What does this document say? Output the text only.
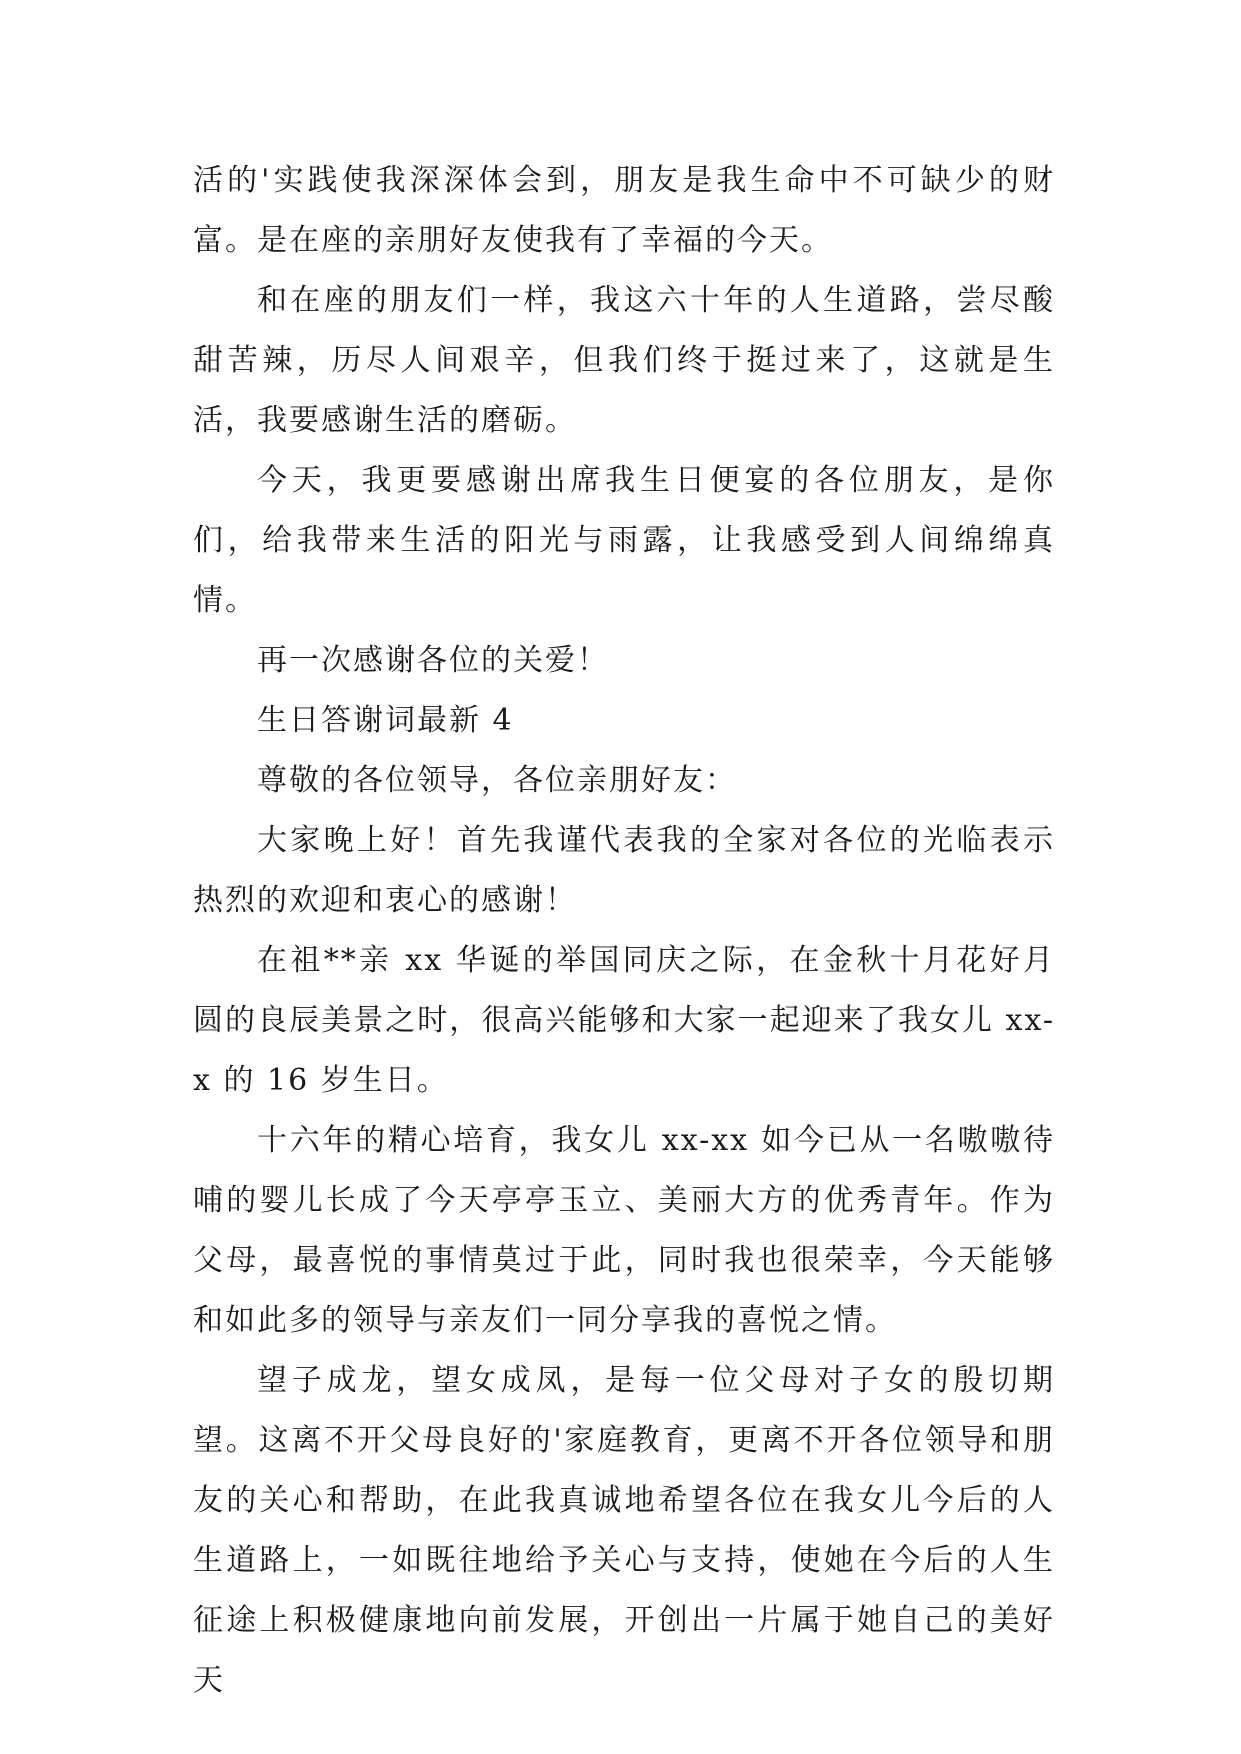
活的'实践使我深深体会到，朋友是我生命中不可缺少的财富。是在座的亲朋好友使我有了幸福的今天。

和在座的朋友们一样，我这六十年的人生道路，尝尽酸甜苦辣，历尽人间艰辛，但我们终于挺过来了，这就是生活，我要感谢生活的磨砺。

今天，我更要感谢出席我生日便宴的各位朋友，是你们，给我带来生活的阳光与雨露，让我感受到人间绵绵真情。

再一次感谢各位的关爱！

生日答谢词最新 4

尊敬的各位领导，各位亲朋好友：

大家晚上好！首先我谨代表我的全家对各位的光临表示热烈的欢迎和衷心的感谢！

在祖**亲 xx 华诞的举国同庆之际，在金秋十月花好月圆的良辰美景之时，很高兴能够和大家一起迎来了我女儿 xx-x 的 16 岁生日。

十六年的精心培育，我女儿 xx-xx 如今已从一名嗷嗷待哺的婴儿长成了今天亭亭玉立、美丽大方的优秀青年。作为父母，最喜悦的事情莫过于此，同时我也很荣幸，今天能够和如此多的领导与亲友们一同分享我的喜悦之情。

望子成龙，望女成凤，是每一位父母对子女的殷切期望。这离不开父母良好的'家庭教育，更离不开各位领导和朋友的关心和帮助，在此我真诚地希望各位在我女儿今后的人生道路上，一如既往地给予关心与支持，使她在今后的人生征途上积极健康地向前发展，开创出一片属于她自己的美好天
